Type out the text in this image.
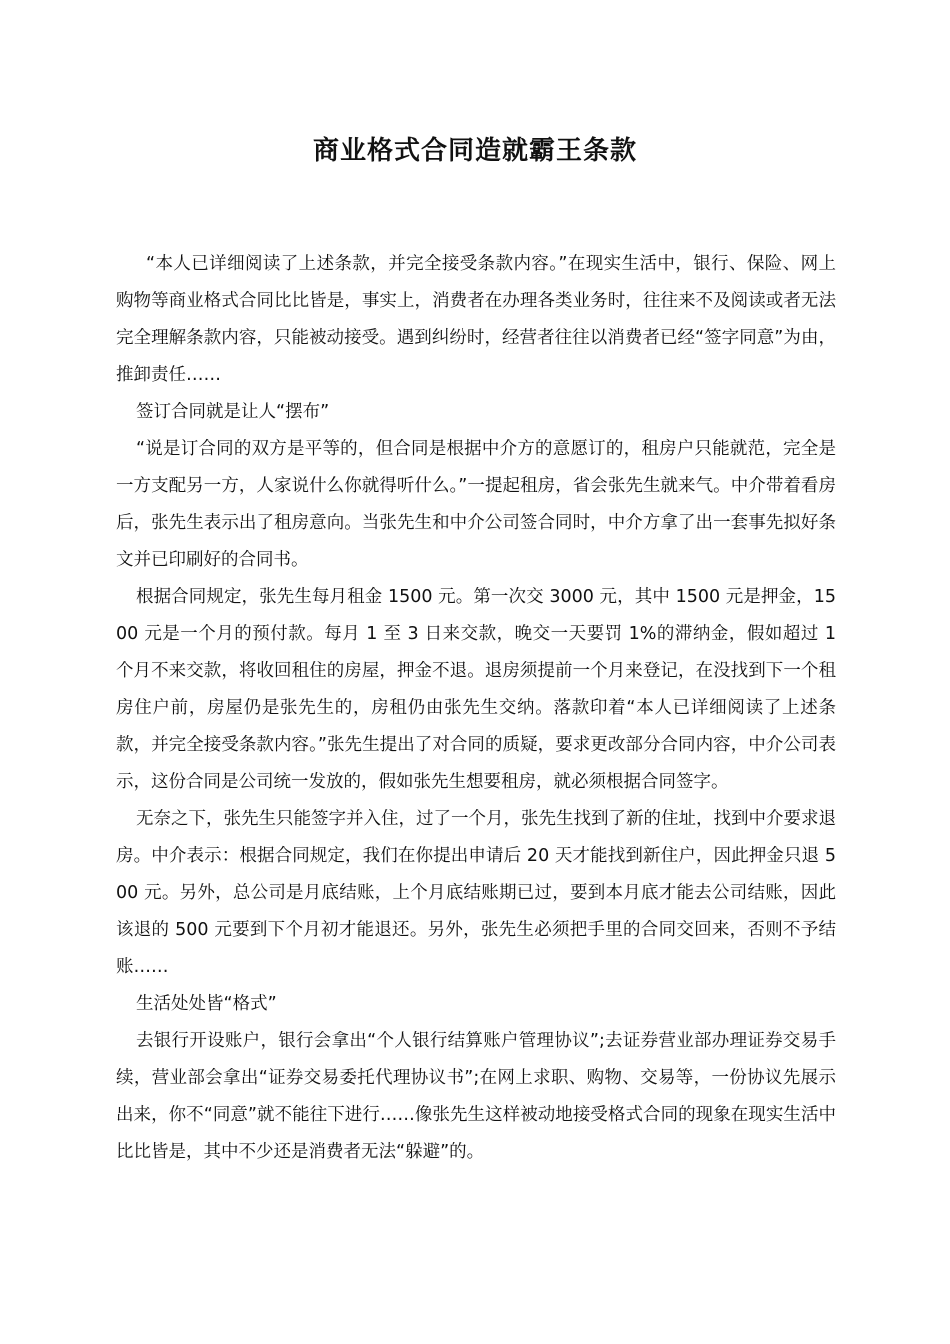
商业格式合同造就霸王条款

“本人已详细阅读了上述条款，并完全接受条款内容。”在现实生活中，银行、保险、网上购物等商业格式合同比比皆是，事实上，消费者在办理各类业务时，往往来不及阅读或者无法完全理解条款内容，只能被动接受。遇到纠纷时，经营者往往以消费者已经“签字同意”为由，推卸责任……

签订合同就是让人“摆布”

“说是订合同的双方是平等的，但合同是根据中介方的意愿订的，租房户只能就范，完全是一方支配另一方，人家说什么你就得听什么。”一提起租房，省会张先生就来气。中介带着看房后，张先生表示出了租房意向。当张先生和中介公司签合同时，中介方拿了出一套事先拟好条文并已印刷好的合同书。

根据合同规定，张先生每月租金 1500 元。第一次交 3000 元，其中 1500 元是押金，1500 元是一个月的预付款。每月 1 至 3 日来交款，晚交一天要罚 1%的滞纳金，假如超过 1 个月不来交款，将收回租住的房屋，押金不退。退房须提前一个月来登记，在没找到下一个租房住户前，房屋仍是张先生的，房租仍由张先生交纳。落款印着“本人已详细阅读了上述条款，并完全接受条款内容。”张先生提出了对合同的质疑，要求更改部分合同内容，中介公司表示，这份合同是公司统一发放的，假如张先生想要租房，就必须根据合同签字。

无奈之下，张先生只能签字并入住，过了一个月，张先生找到了新的住址，找到中介要求退房。中介表示：根据合同规定，我们在你提出申请后 20 天才能找到新住户，因此押金只退 500 元。另外，总公司是月底结账，上个月底结账期已过，要到本月底才能去公司结账，因此该退的 500 元要到下个月初才能退还。另外，张先生必须把手里的合同交回来，否则不予结账……

生活处处皆“格式”

去银行开设账户，银行会拿出“个人银行结算账户管理协议”;去证券营业部办理证券交易手续，营业部会拿出“证券交易委托代理协议书”;在网上求职、购物、交易等，一份协议先展示出来，你不“同意”就不能往下进行……像张先生这样被动地接受格式合同的现象在现实生活中比比皆是，其中不少还是消费者无法“躲避”的。
